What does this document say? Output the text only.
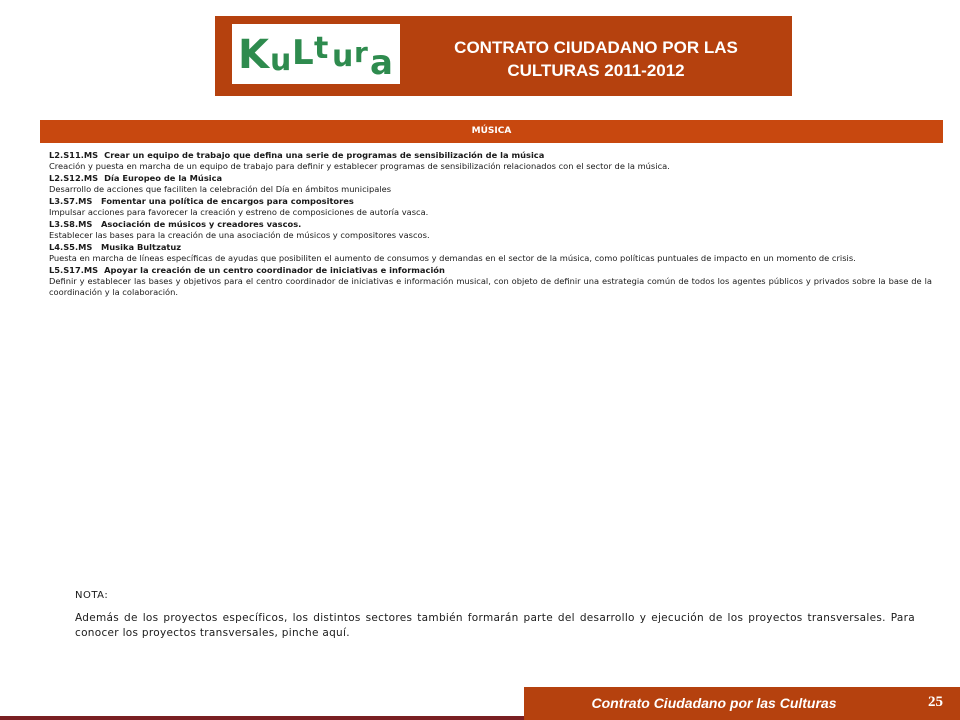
K u L t u r a	CONTRATO CIUDADANO POR LAS
CULTURAS 2011-2012
MÚSICA

L2.S11.MS Crear un equipo de trabajo que defina una serie de programas de sensibilización de la música

Creación y puesta en marcha de un equipo de trabajo para definir y establecer programas de sensibilización relacionados con el sector de la música.

L2.S12.MS Día Europeo de la Música

Desarrollo de acciones que faciliten la celebración del Día en ámbitos municipales

L3.S7.MS Fomentar una política de encargos para compositores

Impulsar acciones para favorecer la creación y estreno de composiciones de autoría vasca.

L3.S8.MS Asociación de músicos y creadores vascos.

Establecer las bases para la creación de una asociación de músicos y compositores vascos.

L4.S5.MS Musika Bultzatuz

Puesta en marcha de líneas específicas de ayudas que posibiliten el aumento de consumos y demandas en el sector de la música, como políticas puntuales de impacto en un momento de crisis.

L5.S17.MS Apoyar la creación de un centro coordinador de iniciativas e información

Definir y establecer las bases y objetivos para el centro coordinador de iniciativas e información musical, con objeto de definir una estrategia común de todos los agentes públicos y privados sobre la base de la coordinación y la colaboración.

NOTA:
Además de los proyectos específicos, los distintos sectores también formarán parte del desarrollo y ejecución de los proyectos transversales. Para conocer los proyectos transversales, pinche aquí.
Contrato Ciudadano por las Culturas	25
